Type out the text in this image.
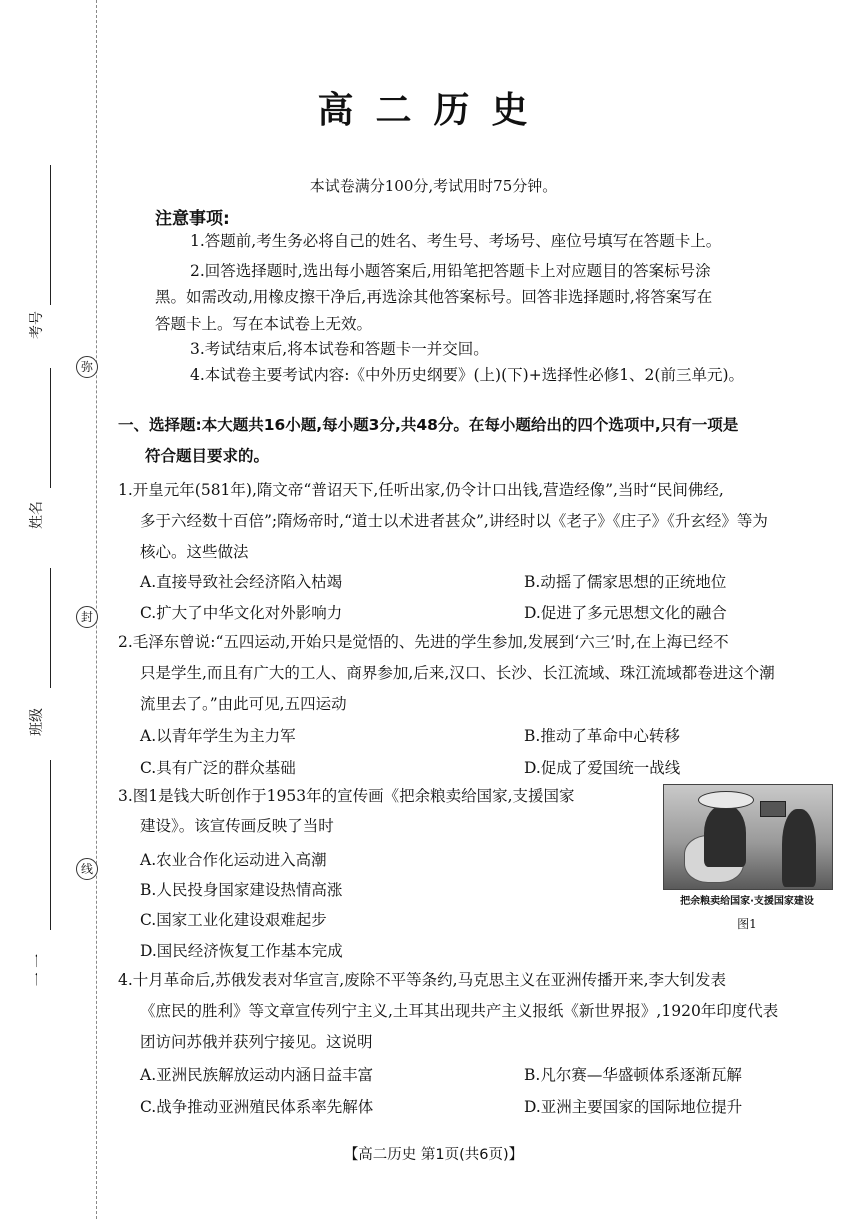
弥
封
线
考号
姓名
班级
一 一
高二历史
本试卷满分100分,考试用时75分钟。
注意事项:
1.答题前,考生务必将自己的姓名、考生号、考场号、座位号填写在答题卡上。
2.回答选择题时,选出每小题答案后,用铅笔把答题卡上对应题目的答案标号涂
黑。如需改动,用橡皮擦干净后,再选涂其他答案标号。回答非选择题时,将答案写在
答题卡上。写在本试卷上无效。
3.考试结束后,将本试卷和答题卡一并交回。
4.本试卷主要考试内容:《中外历史纲要》(上)(下)+选择性必修1、2(前三单元)。
一、选择题:本大题共16小题,每小题3分,共48分。在每小题给出的四个选项中,只有一项是
符合题目要求的。
1.开皇元年(581年),隋文帝“普诏天下,任听出家,仍令计口出钱,营造经像”,当时“民间佛经,
多于六经数十百倍”;隋炀帝时,“道士以术进者甚众”,讲经时以《老子》《庄子》《升玄经》等为
核心。这些做法
A.直接导致社会经济陷入枯竭	B.动摇了儒家思想的正统地位
C.扩大了中华文化对外影响力	D.促进了多元思想文化的融合
2.毛泽东曾说:“五四运动,开始只是觉悟的、先进的学生参加,发展到‘六三’时,在上海已经不
只是学生,而且有广大的工人、商界参加,后来,汉口、长沙、长江流域、珠江流域都卷进这个潮
流里去了。”由此可见,五四运动
A.以青年学生为主力军	B.推动了革命中心转移
C.具有广泛的群众基础	D.促成了爱国统一战线
3.图1是钱大昕创作于1953年的宣传画《把余粮卖给国家,支援国家
建设》。该宣传画反映了当时
A.农业合作化运动进入高潮
B.人民投身国家建设热情高涨
C.国家工业化建设艰难起步
D.国民经济恢复工作基本完成
把余粮卖给国家·支援国家建设
图1
4.十月革命后,苏俄发表对华宣言,废除不平等条约,马克思主义在亚洲传播开来,李大钊发表
《庶民的胜利》等文章宣传列宁主义,土耳其出现共产主义报纸《新世界报》,1920年印度代表
团访问苏俄并获列宁接见。这说明
A.亚洲民族解放运动内涵日益丰富	B.凡尔赛—华盛顿体系逐渐瓦解
C.战争推动亚洲殖民体系率先解体	D.亚洲主要国家的国际地位提升
【高二历史 第1页(共6页)】
